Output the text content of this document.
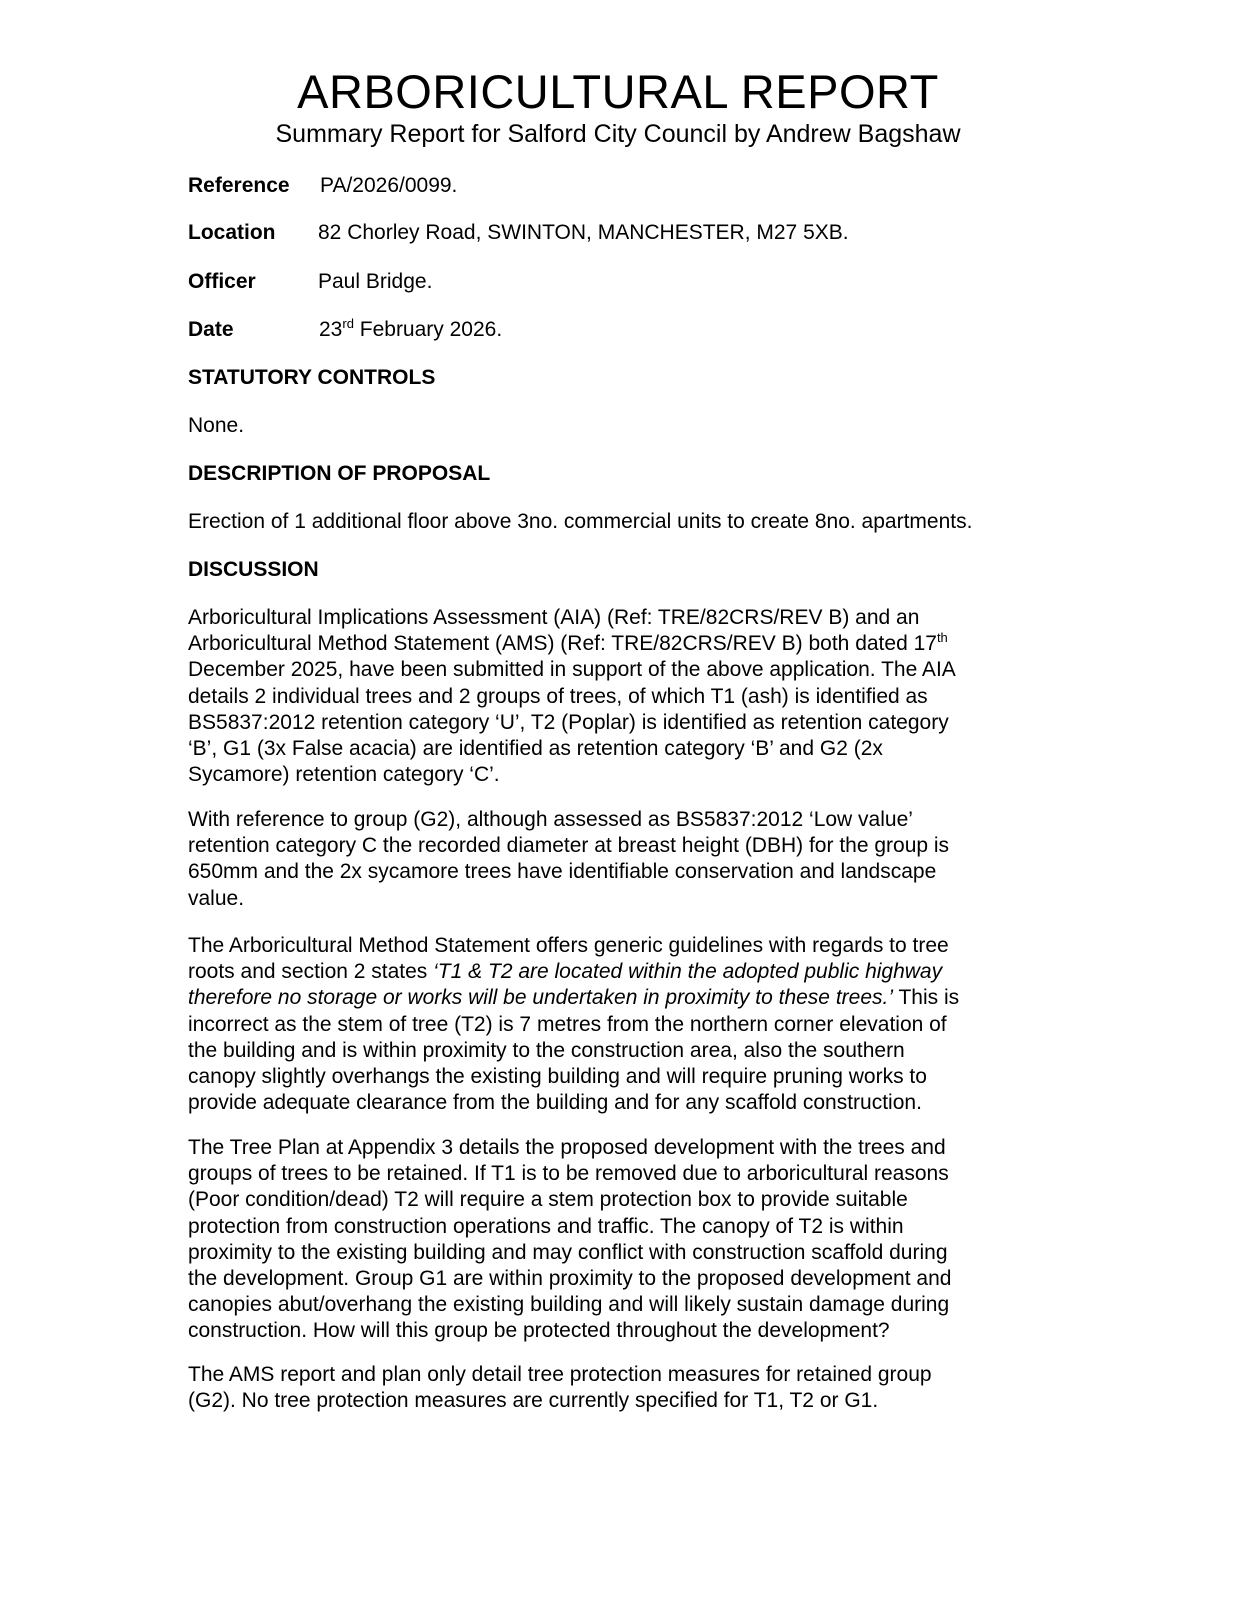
ARBORICULTURAL REPORT
Summary Report for Salford City Council by Andrew Bagshaw
Reference PA/2026/0099.
Location 82 Chorley Road, SWINTON, MANCHESTER, M27 5XB.
Officer	Paul Bridge.
Date	23rd February 2026.
STATUTORY CONTROLS
None.
DESCRIPTION OF PROPOSAL
Erection of 1 additional floor above 3no. commercial units to create 8no. apartments.
DISCUSSION
Arboricultural Implications Assessment (AIA) (Ref: TRE/82CRS/REV B) and an
Arboricultural Method Statement (AMS) (Ref: TRE/82CRS/REV B) both dated 17th
December 2025, have been submitted in support of the above application. The AIA
details 2 individual trees and 2 groups of trees, of which T1 (ash) is identified as
BS5837:2012 retention category ‘U’, T2 (Poplar) is identified as retention category
‘B’, G1 (3x False acacia) are identified as retention category ‘B’ and G2 (2x
Sycamore) retention category ‘C’.
With reference to group (G2), although assessed as BS5837:2012 ‘Low value’
retention category C the recorded diameter at breast height (DBH) for the group is
650mm and the 2x sycamore trees have identifiable conservation and landscape
value.
The Arboricultural Method Statement offers generic guidelines with regards to tree
roots and section 2 states ‘T1 & T2 are located within the adopted public highway
therefore no storage or works will be undertaken in proximity to these trees.’ This is
incorrect as the stem of tree (T2) is 7 metres from the northern corner elevation of
the building and is within proximity to the construction area, also the southern
canopy slightly overhangs the existing building and will require pruning works to
provide adequate clearance from the building and for any scaffold construction.
The Tree Plan at Appendix 3 details the proposed development with the trees and
groups of trees to be retained. If T1 is to be removed due to arboricultural reasons
(Poor condition/dead) T2 will require a stem protection box to provide suitable
protection from construction operations and traffic. The canopy of T2 is within
proximity to the existing building and may conflict with construction scaffold during
the development. Group G1 are within proximity to the proposed development and
canopies abut/overhang the existing building and will likely sustain damage during
construction. How will this group be protected throughout the development?
The AMS report and plan only detail tree protection measures for retained group
(G2). No tree protection measures are currently specified for T1, T2 or G1.
